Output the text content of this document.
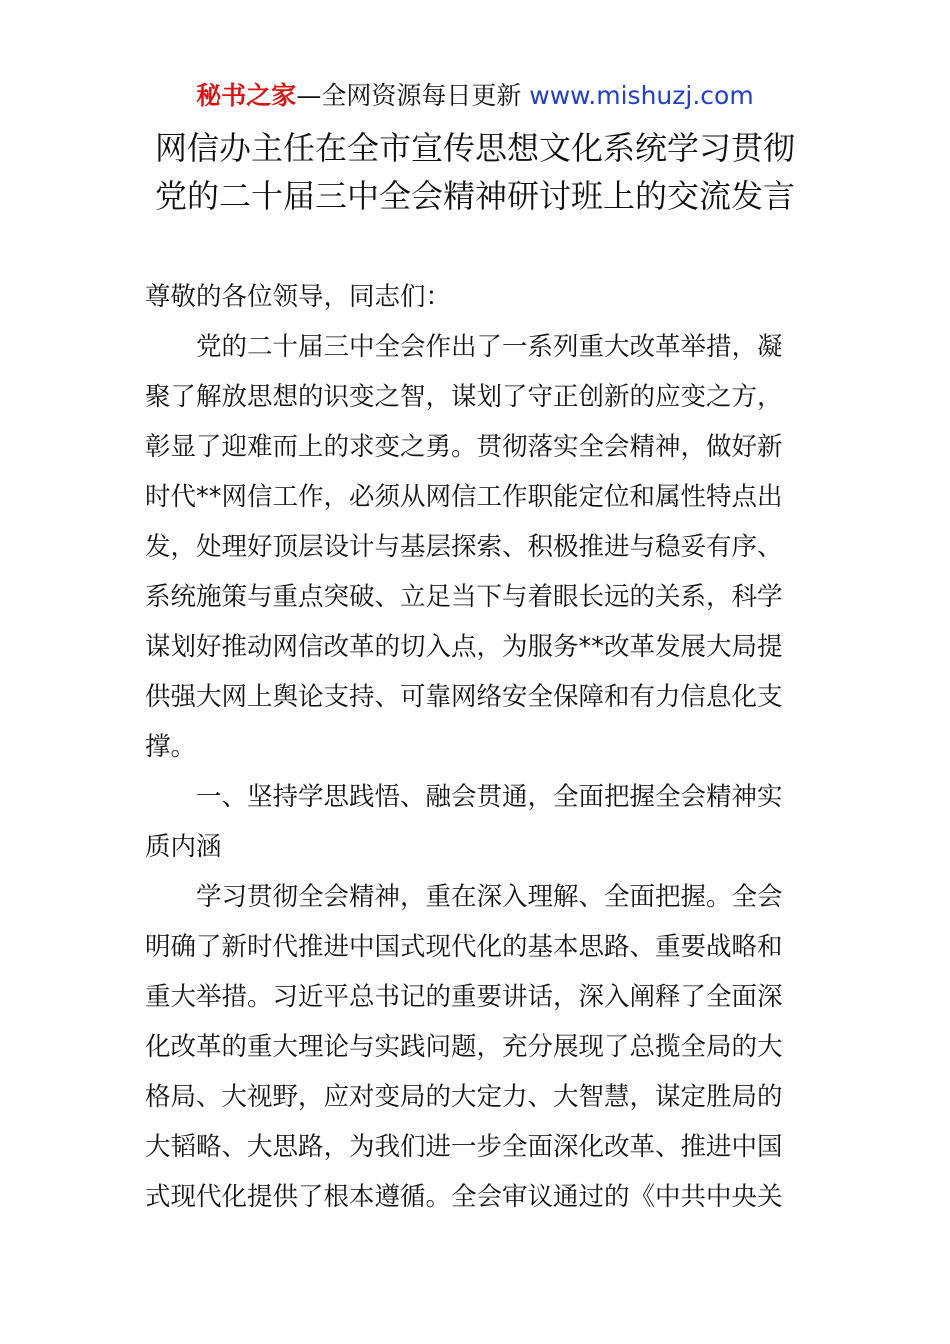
秘书之家—全网资源每日更新 www.mishuzj.com
网信办主任在全市宣传思想文化系统学习贯彻
党的二十届三中全会精神研讨班上的交流发言

尊敬的各位领导，同志们：

　　党的二十届三中全会作出了一系列重大改革举措，凝

聚了解放思想的识变之智，谋划了守正创新的应变之方，

彰显了迎难而上的求变之勇。贯彻落实全会精神，做好新

时代**网信工作，必须从网信工作职能定位和属性特点出

发，处理好顶层设计与基层探索、积极推进与稳妥有序、

系统施策与重点突破、立足当下与着眼长远的关系，科学

谋划好推动网信改革的切入点，为服务**改革发展大局提

供强大网上舆论支持、可靠网络安全保障和有力信息化支

撑。

　　一、坚持学思践悟、融会贯通，全面把握全会精神实

质内涵

　　学习贯彻全会精神，重在深入理解、全面把握。全会

明确了新时代推进中国式现代化的基本思路、重要战略和

重大举措。习近平总书记的重要讲话，深入阐释了全面深

化改革的重大理论与实践问题，充分展现了总揽全局的大

格局、大视野，应对变局的大定力、大智慧，谋定胜局的

大韬略、大思路，为我们进一步全面深化改革、推进中国

式现代化提供了根本遵循。全会审议通过的《中共中央关
